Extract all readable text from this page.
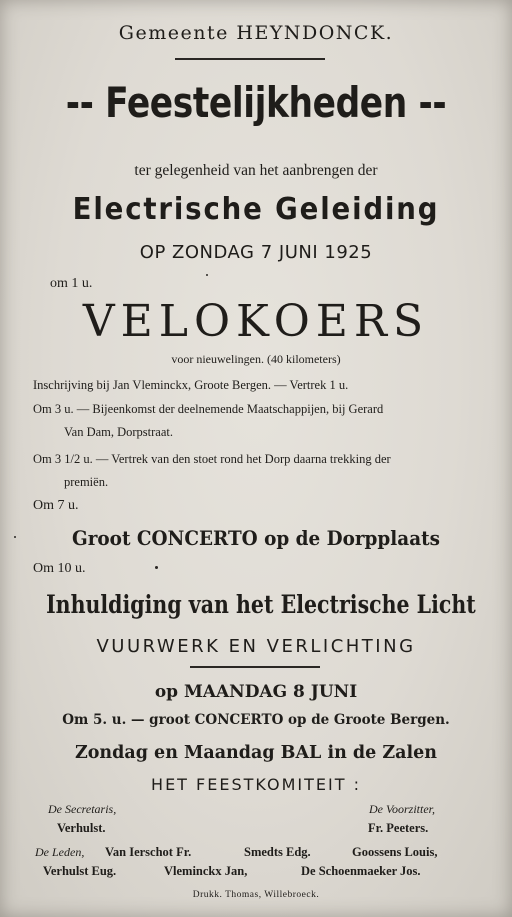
Gemeente HEYNDONCK.
-- Feestelijkheden --
ter gelegenheid van het aanbrengen der
Electrische Geleiding
OP ZONDAG 7 JUNI 1925
om 1 u.
VELOKOERS
voor nieuwelingen. (40 kilometers)
Inschrijving bij Jan Vleminckx, Groote Bergen. — Vertrek 1 u.
Om 3 u. — Bijeenkomst der deelnemende Maatschappijen, bij Gerard
Van Dam, Dorpstraat.
Om 3 1/2 u. — Vertrek van den stoet rond het Dorp daarna trekking der
premiën.
Om 7 u.
Groot CONCERTO op de Dorpplaats
Om 10 u.
Inhuldiging van het Electrische Licht
VUURWERK EN VERLICHTING
op MAANDAG 8 JUNI
Om 5. u. — groot CONCERTO op de Groote Bergen.
Zondag en Maandag BAL in de Zalen
HET FEESTKOMITEIT :
De Secretaris,
Verhulst.
De Voorzitter,
Fr. Peeters.
De Leden, Van Ierschot Fr.	Smedts Edg.	Goossens Louis,
Verhulst Eug.	Vleminckx Jan,	De Schoenmaeker Jos.
Drukk. Thomas, Willebroeck.
